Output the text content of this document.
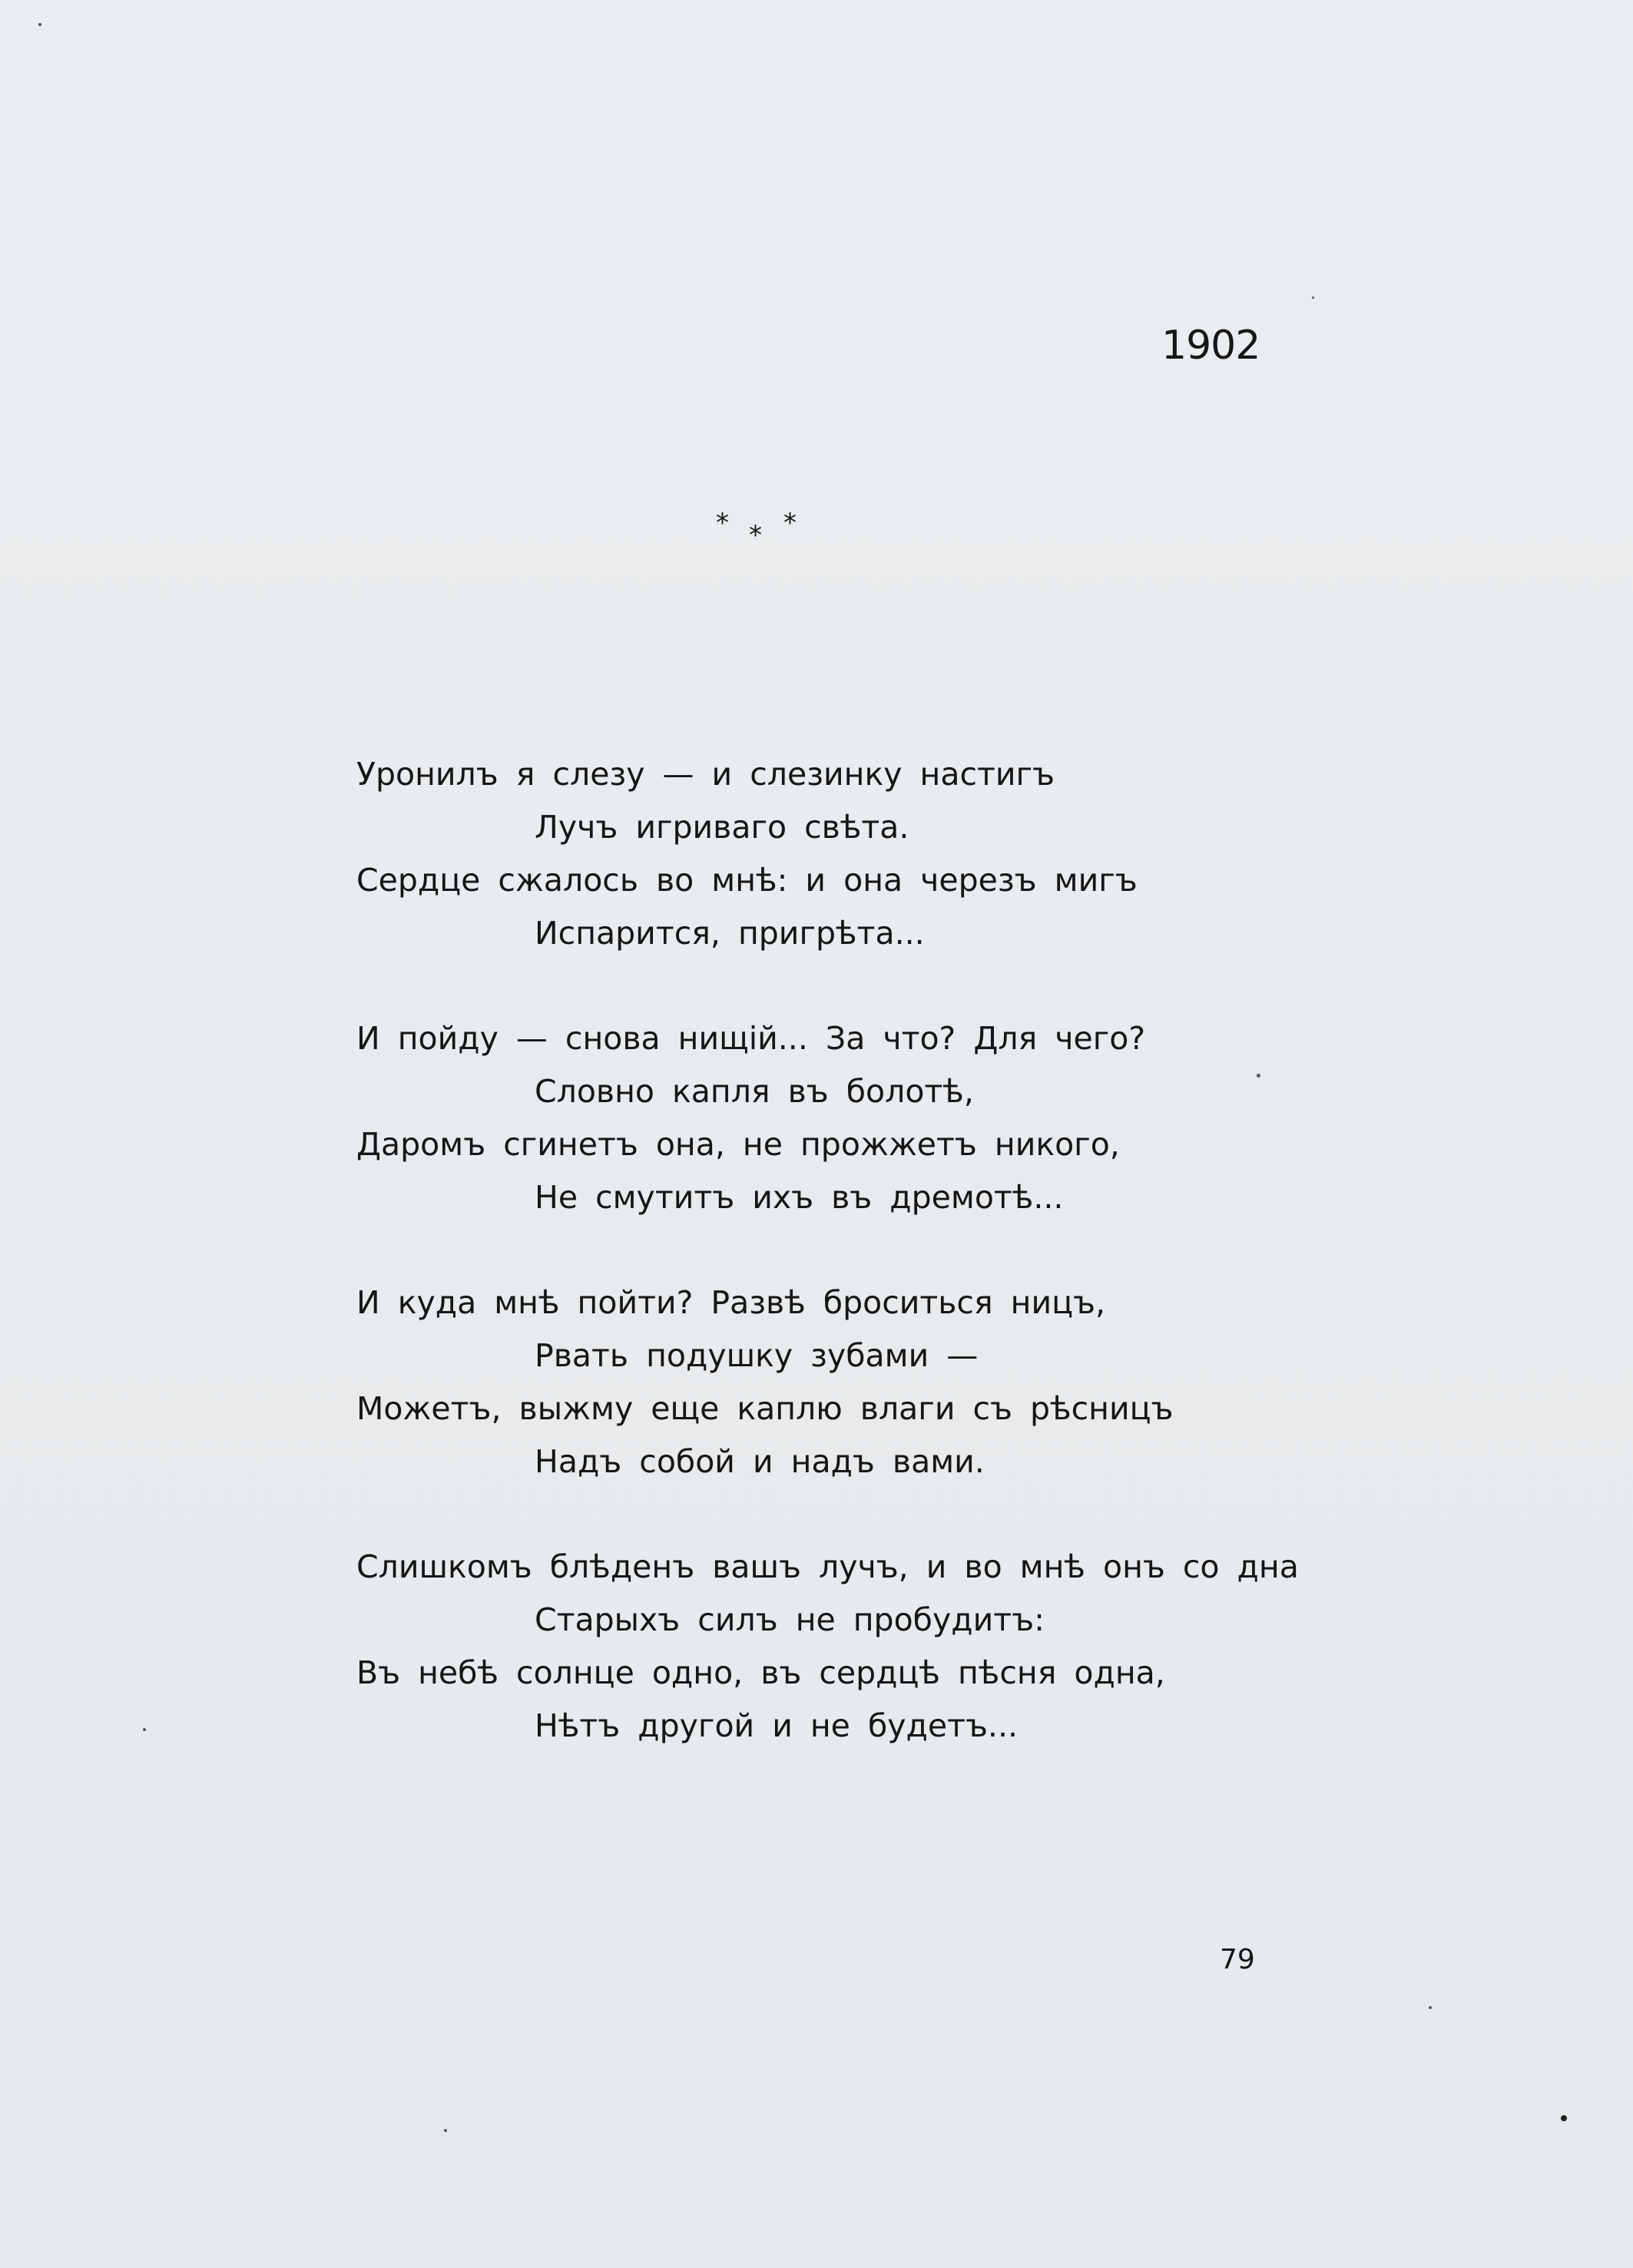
1902
* * *
Уронилъ я слезу — и слезинку настигъ
Лучъ игриваго свѣта.
Сердце сжалось во мнѣ: и она черезъ мигъ
Испарится, пригрѣта...
И пойду — снова нищій... За что? Для чего?
Словно капля въ болотѣ,
Даромъ сгинетъ она, не прожжетъ никого,
Не смутитъ ихъ въ дремотѣ...
И куда мнѣ пойти? Развѣ броситься ницъ,
Рвать подушку зубами —
Можетъ, выжму еще каплю влаги съ рѣсницъ
Надъ собой и надъ вами.
Слишкомъ блѣденъ вашъ лучъ, и во мнѣ онъ со дна
Старыхъ силъ не пробудитъ:
Въ небѣ солнце одно, въ сердцѣ пѣсня одна,
Нѣтъ другой и не будетъ...
79
